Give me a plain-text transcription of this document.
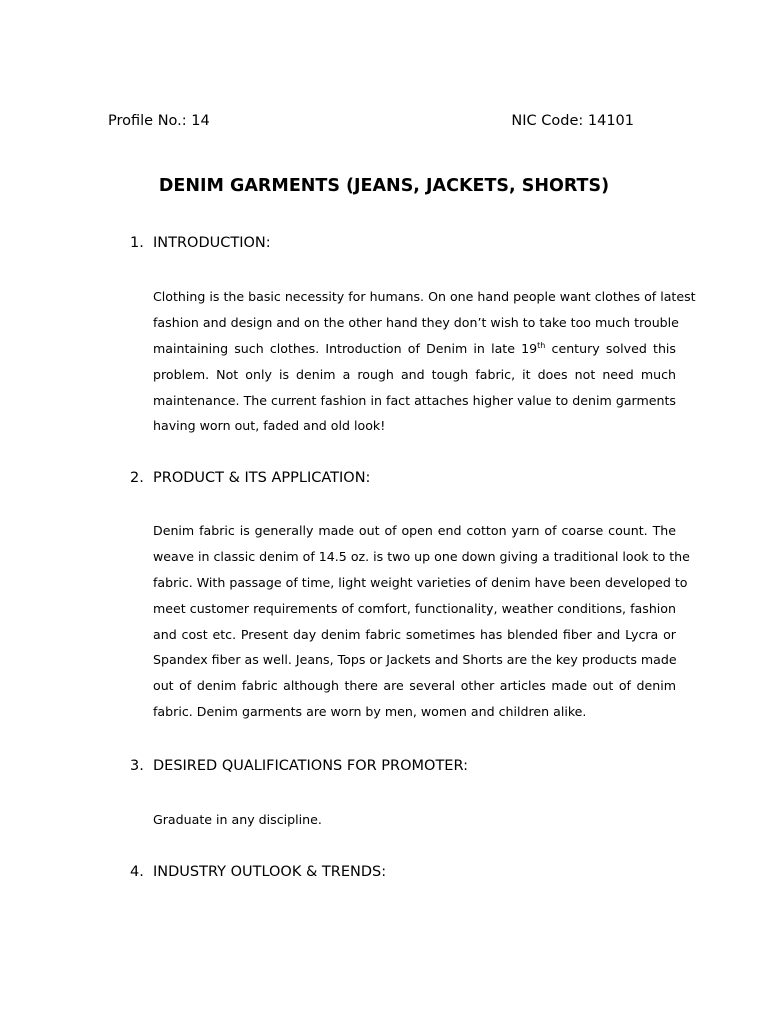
Profile No.: 14	NIC Code: 14101
DENIM GARMENTS (JEANS, JACKETS, SHORTS)
1. INTRODUCTION:
Clothing is the basic necessity for humans. On one hand people want clothes of latest
fashion and design and on the other hand they don’t wish to take too much trouble
maintaining such clothes. Introduction of Denim in late 19th century solved this
problem. Not only is denim a rough and tough fabric, it does not need much
maintenance. The current fashion in fact attaches higher value to denim garments
having worn out, faded and old look!
2. PRODUCT & ITS APPLICATION:
Denim fabric is generally made out of open end cotton yarn of coarse count. The
weave in classic denim of 14.5 oz. is two up one down giving a traditional look to the
fabric. With passage of time, light weight varieties of denim have been developed to
meet customer requirements of comfort, functionality, weather conditions, fashion
and cost etc. Present day denim fabric sometimes has blended fiber and Lycra or
Spandex fiber as well. Jeans, Tops or Jackets and Shorts are the key products made
out of denim fabric although there are several other articles made out of denim
fabric. Denim garments are worn by men, women and children alike.
3. DESIRED QUALIFICATIONS FOR PROMOTER:
Graduate in any discipline.
4. INDUSTRY OUTLOOK & TRENDS:
